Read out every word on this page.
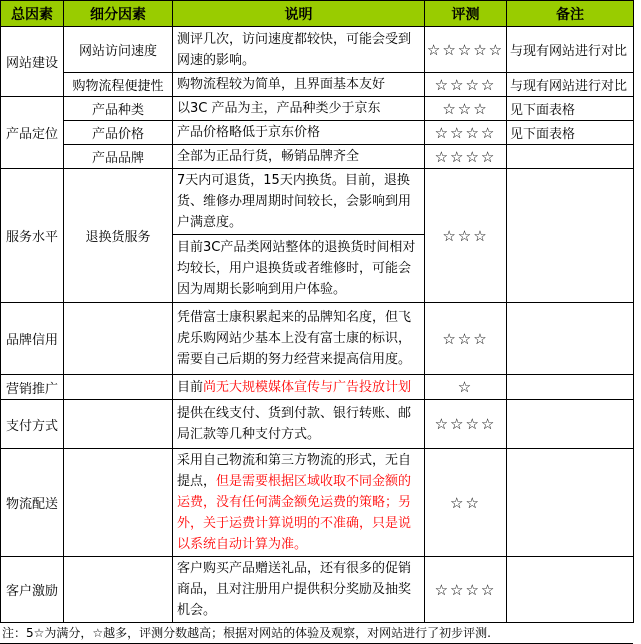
总因素	细分因素	说明	评测	备注
网站建设	网站访问速度	测评几次，访问速度都较快，可能会受到网速的影响。	☆☆☆☆☆	与现有网站进行对比
	购物流程便捷性	购物流程较为简单，且界面基本友好	☆☆☆☆	与现有网站进行对比
产品定位	产品种类	以3C 产品为主，产品种类少于京东	☆☆☆	见下面表格
	产品价格	产品价格略低于京东价格	☆☆☆☆	见下面表格
	产品品牌	全部为正品行货，畅销品牌齐全	☆☆☆☆	
服务水平	退换货服务	7天内可退货，15天内换货。目前，退换货、维修办理周期时间较长，会影响到用户满意度。	☆☆☆	
		目前3C产品类网站整体的退换货时间相对均较长，用户退换货或者维修时，可能会因为周期长影响到用户体验。		
品牌信用		凭借富士康积累起来的品牌知名度，但飞虎乐购网站少基本上没有富士康的标识，需要自己后期的努力经营来提高信用度。	☆☆☆	
营销推广		目前尚无大规模媒体宣传与广告投放计划	☆	
支付方式		提供在线支付、货到付款、银行转账、邮局汇款等几种支付方式。	☆☆☆☆	
物流配送		采用自己物流和第三方物流的形式，无自提点，但是需要根据区域收取不同金额的运费，没有任何满金额免运费的策略；另外，关于运费计算说明的不准确，只是说以系统自动计算为准。	☆☆	
客户激励		客户购买产品赠送礼品，还有很多的促销商品，且对注册用户提供积分奖励及抽奖机会。	☆☆☆☆	
注：5☆为满分，☆越多，评测分数越高；根据对网站的体验及观察，对网站进行了初步评测.
